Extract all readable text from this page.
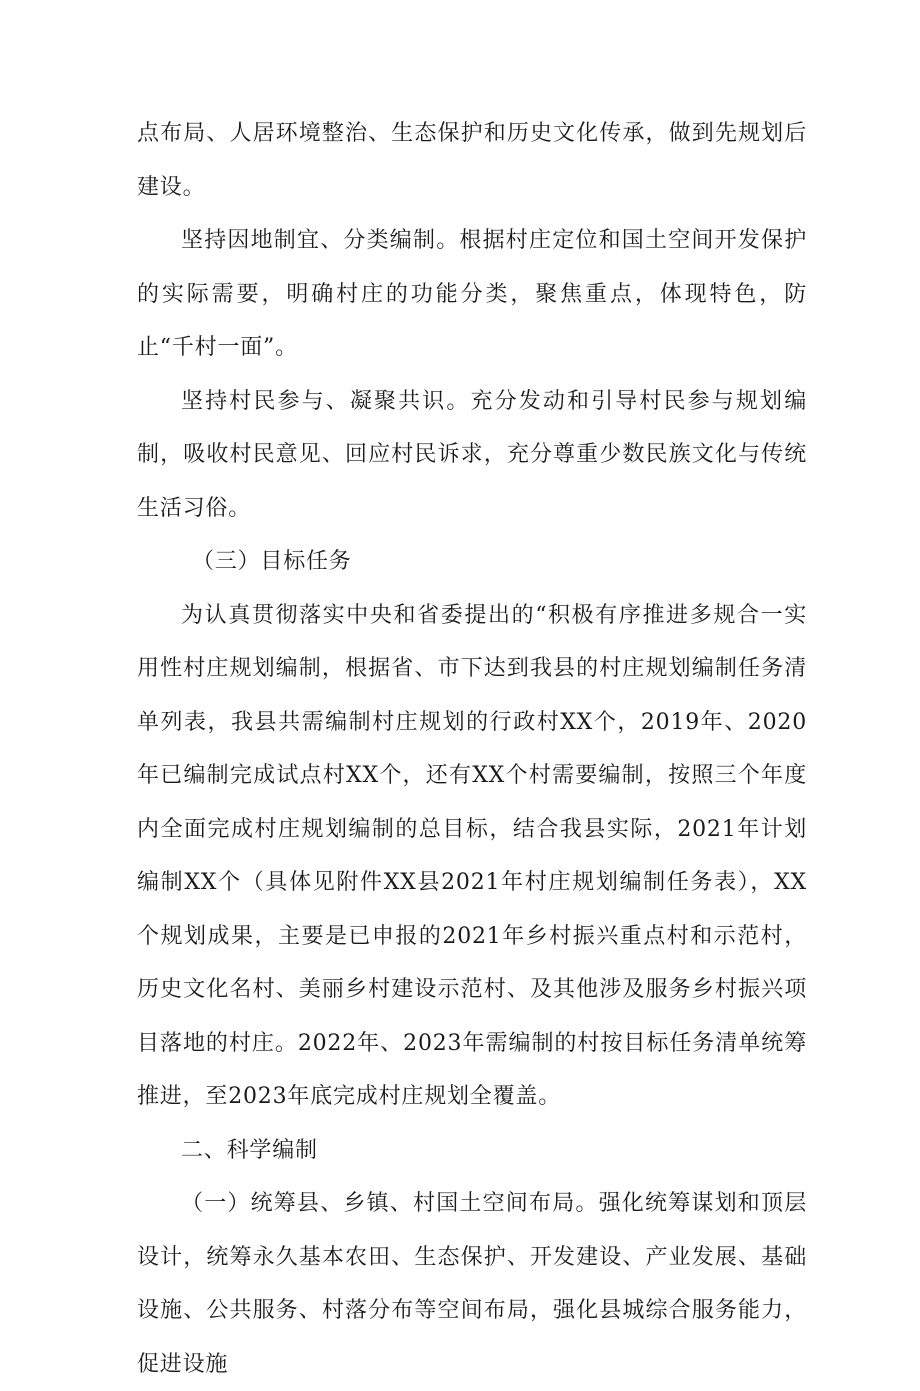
点布局、人居环境整治、生态保护和历史文化传承，做到先规划后建设。

坚持因地制宜、分类编制。根据村庄定位和国土空间开发保护的实际需要，明确村庄的功能分类，聚焦重点，体现特色，防止“千村一面”。

坚持村民参与、凝聚共识。充分发动和引导村民参与规划编制，吸收村民意见、回应村民诉求，充分尊重少数民族文化与传统生活习俗。

（三）目标任务

为认真贯彻落实中央和省委提出的“积极有序推进多规合一实用性村庄规划编制，根据省、市下达到我县的村庄规划编制任务清单列表，我县共需编制村庄规划的行政村XX个，2019年、2020年已编制完成试点村XX个，还有XX个村需要编制，按照三个年度内全面完成村庄规划编制的总目标，结合我县实际，2021年计划编制XX个（具体见附件XX县2021年村庄规划编制任务表），XX个规划成果，主要是已申报的2021年乡村振兴重点村和示范村，历史文化名村、美丽乡村建设示范村、及其他涉及服务乡村振兴项目落地的村庄。2022年、2023年需编制的村按目标任务清单统筹推进，至2023年底完成村庄规划全覆盖。

二、科学编制

（一）统筹县、乡镇、村国土空间布局。强化统筹谋划和顶层设计，统筹永久基本农田、生态保护、开发建设、产业发展、基础设施、公共服务、村落分布等空间布局，强化县城综合服务能力，促进设施
